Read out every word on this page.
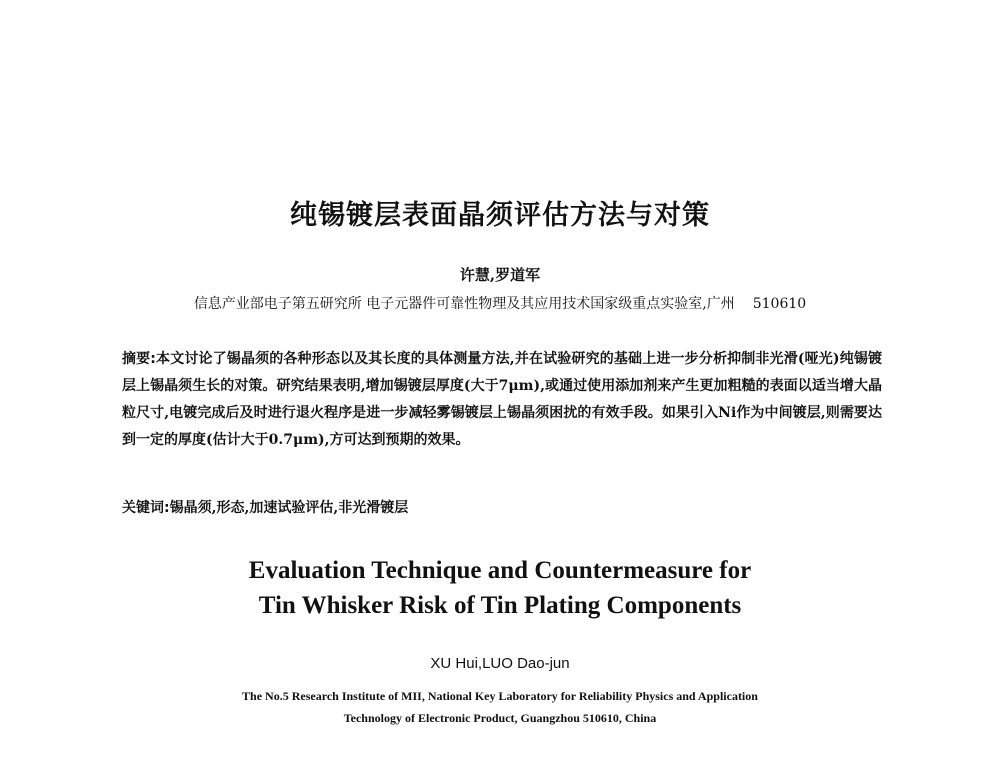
纯锡镀层表面晶须评估方法与对策
许慧,罗道军
信息产业部电子第五研究所 电子元器件可靠性物理及其应用技术国家级重点实验室,广州 510610
摘要:本文讨论了锡晶须的各种形态以及其长度的具体测量方法,并在试验研究的基础上进一步分析抑制非光滑(哑光)纯锡镀层上锡晶须生长的对策。研究结果表明,增加锡镀层厚度(大于7μm),或通过使用添加剂来产生更加粗糙的表面以适当增大晶粒尺寸,电镀完成后及时进行退火程序是进一步减轻雾锡镀层上锡晶须困扰的有效手段。如果引入Ni作为中间镀层,则需要达到一定的厚度(估计大于0.7μm),方可达到预期的效果。
关键词:锡晶须,形态,加速试验评估,非光滑镀层
Evaluation Technique and Countermeasure for
Tin Whisker Risk of Tin Plating Components
XU Hui,LUO Dao-jun
The No.5 Research Institute of MII, National Key Laboratory for Reliability Physics and Application
Technology of Electronic Product, Guangzhou 510610, China
